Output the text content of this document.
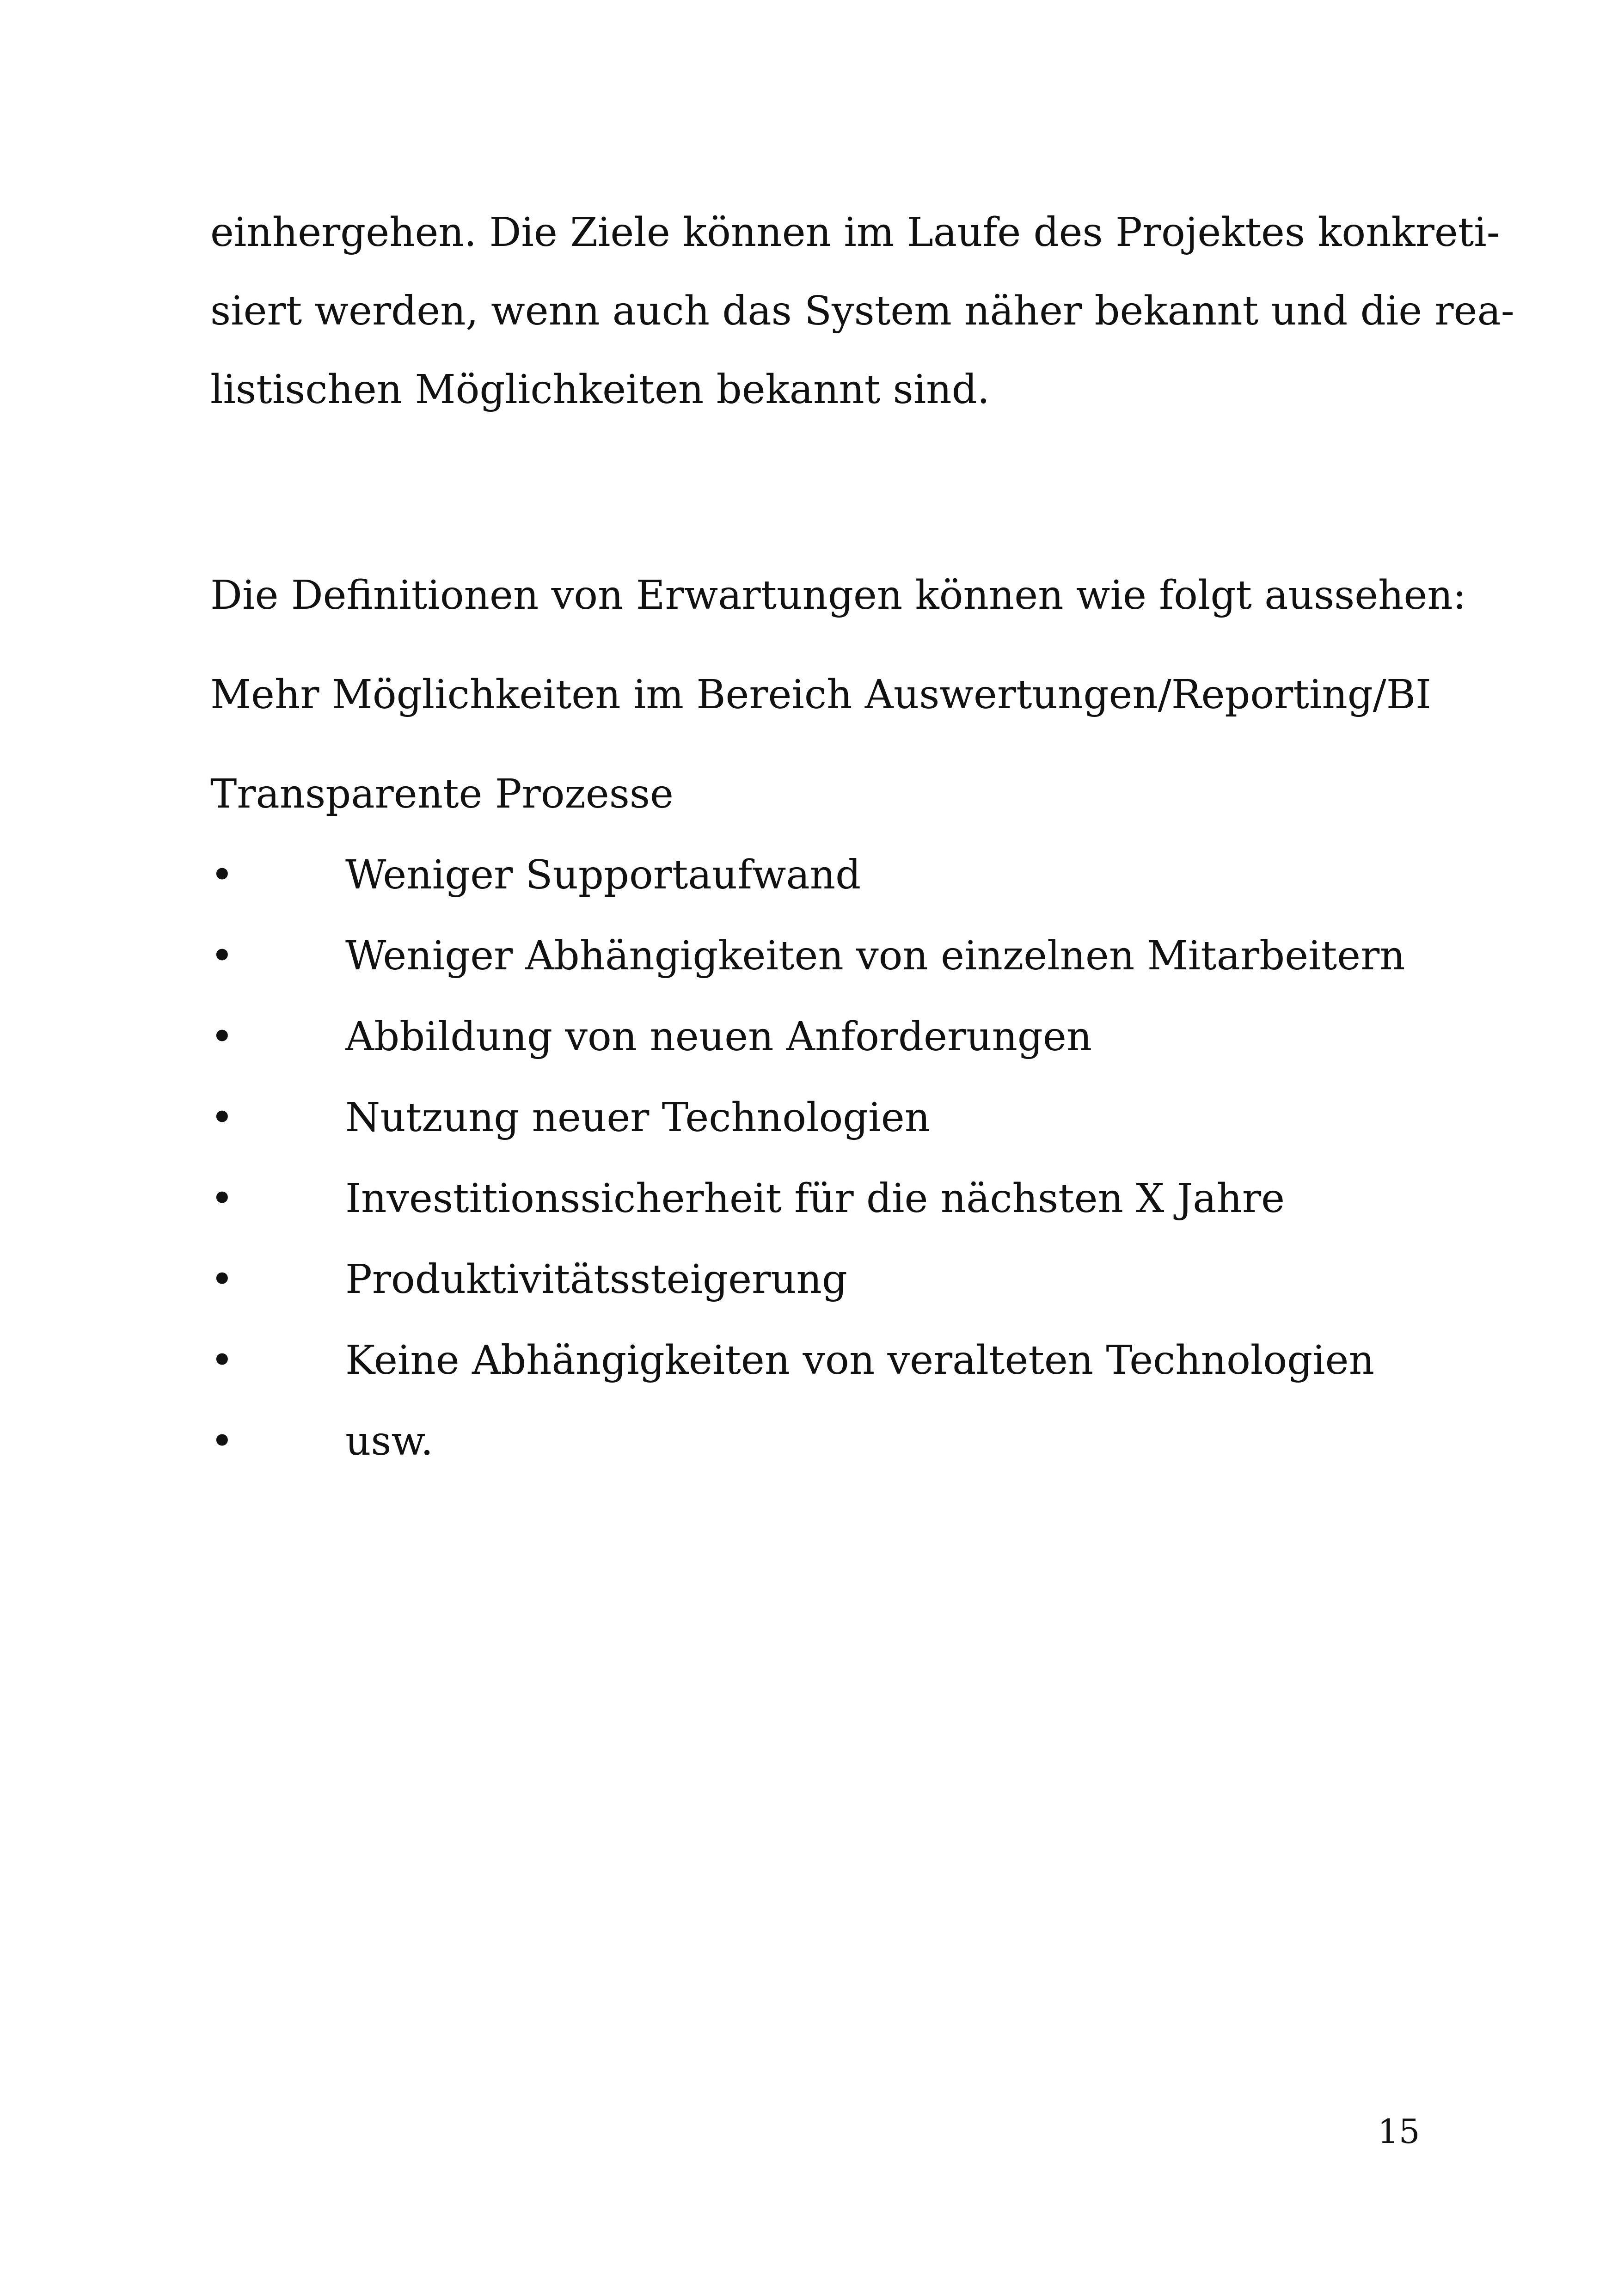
einhergehen. Die Ziele können im Laufe des Projektes konkreti-
siert werden, wenn auch das System näher bekannt und die rea-
listischen Möglichkeiten bekannt sind.
Die Definitionen von Erwartungen können wie folgt aussehen:
Mehr Möglichkeiten im Bereich Auswertungen/Reporting/BI
Transparente Prozesse
•	Weniger Supportaufwand
•	Weniger Abhängigkeiten von einzelnen Mitarbeitern
•	Abbildung von neuen Anforderungen
•	Nutzung neuer Technologien
•	Investitionssicherheit für die nächsten X Jahre
•	Produktivitätssteigerung
•	Keine Abhängigkeiten von veralteten Technologien
•	usw.
15
